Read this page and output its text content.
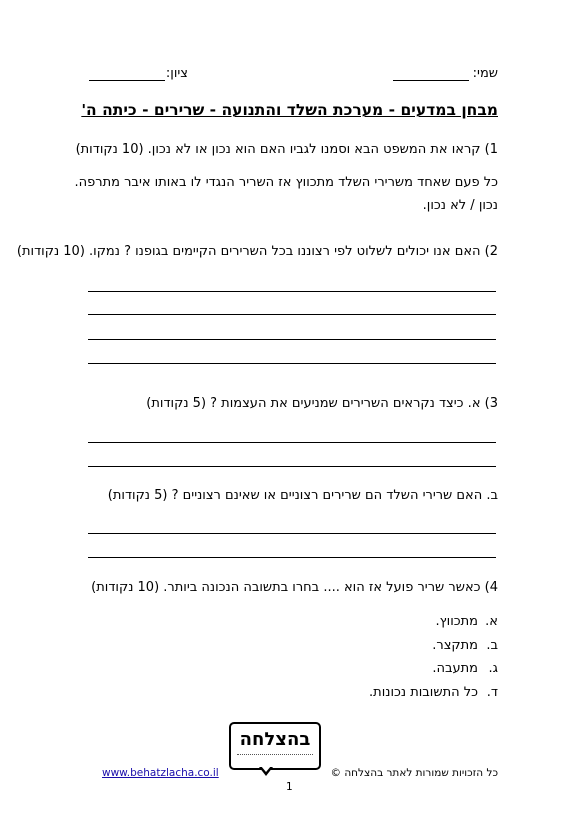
שמי:
ציון:
מבחן במדעים - מערכת השלד והתנועה - שרירים - כיתה ה'
1) קראו את המשפט הבא וסמנו לגביו האם הוא נכון או לא נכון. (10 נקודות)
כל פעם שאחד משרירי השלד מתכווץ אז השריר הנגדי לו באותו איבר מתרפה.
נכון / לא נכון.
2) האם אנו יכולים לשלוט לפי רצוננו בכל השרירים הקיימים בגופנו ? נמקו. (10 נקודות)
3) א. כיצד נקראים השרירים שמניעים את העצמות ? (5 נקודות)
ב. האם שרירי השלד הם שרירים רצוניים או שאינם רצוניים ? (5 נקודות)
4) כאשר שריר פועל אז הוא .... בחרו בתשובה הנכונה ביותר. (10 נקודות)
א.מתכווץ.
ב.מתקצר.
ג.מתעבה.
ד.כל התשובות נכונות.
בהצלחה
כל הזכויות שמורות לאתר בהצלחה ©
www.behatzlacha.co.il
1
